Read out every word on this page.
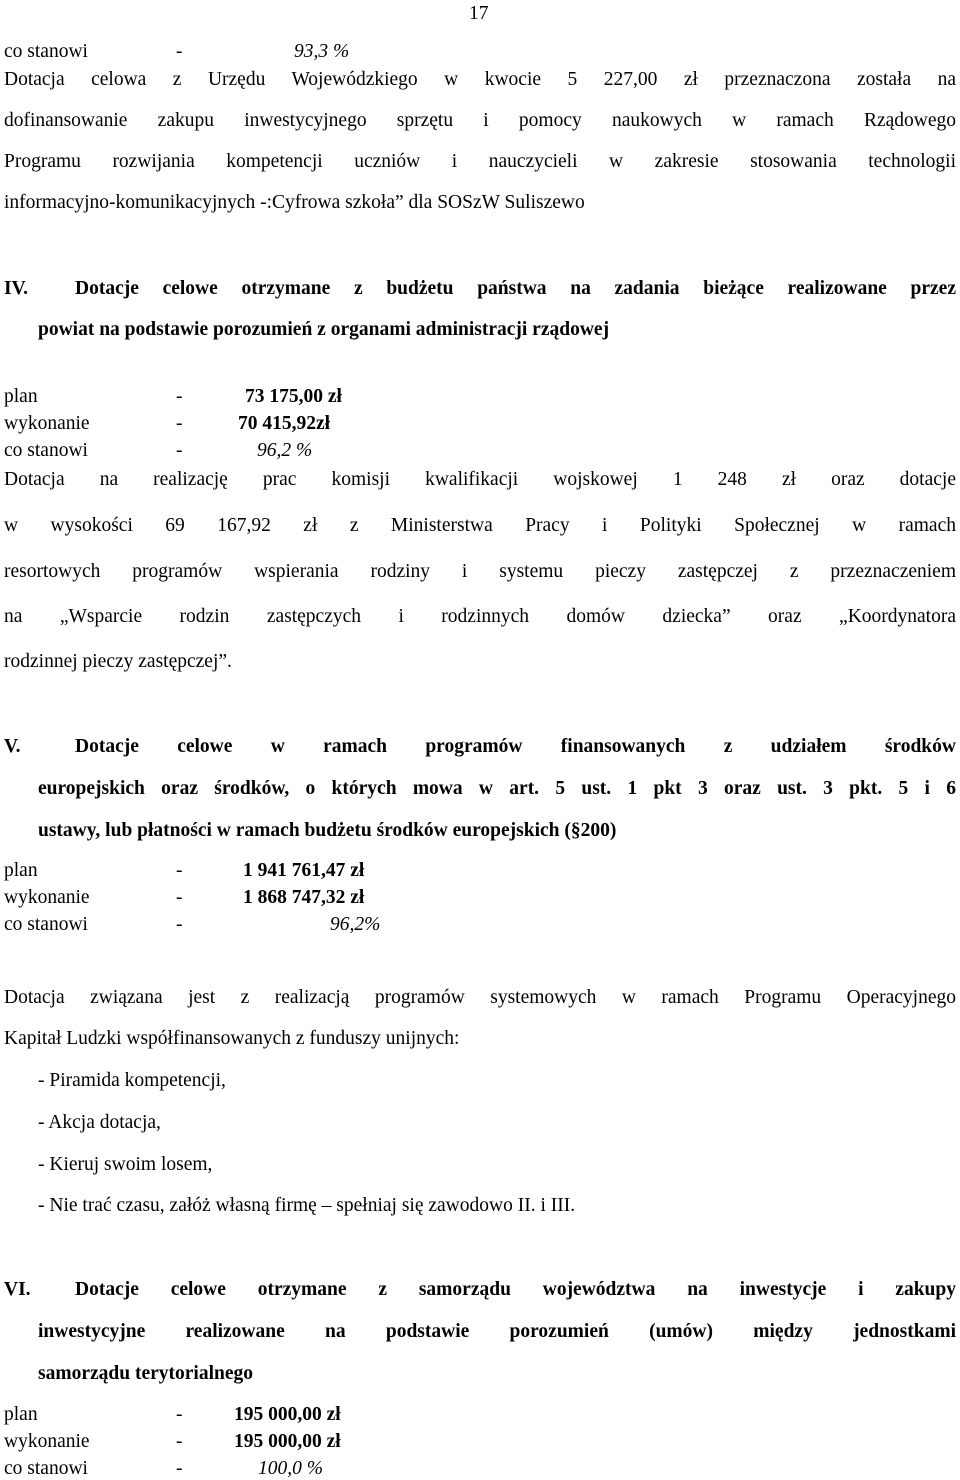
17
co stanowi	-	93,3 %
Dotacja celowa z Urzędu Wojewódzkiego w kwocie 5 227,00 zł przeznaczona została na
dofinansowanie zakupu inwestycyjnego sprzętu i pomocy naukowych w ramach Rządowego
Programu rozwijania kompetencji uczniów i nauczycieli w zakresie stosowania technologii
informacyjno-komunikacyjnych -:Cyfrowa szkoła” dla SOSzW Suliszewo
IV. Dotacje celowe otrzymane z budżetu państwa na zadania bieżące realizowane przez
powiat na podstawie porozumień z organami administracji rządowej
plan	-	73 175,00 zł
wykonanie	-	70 415,92zł
co stanowi	-	96,2 %
Dotacja na realizację prac komisji kwalifikacji wojskowej 1 248 zł oraz dotacje
w wysokości 69 167,92 zł z Ministerstwa Pracy i Polityki Społecznej w ramach
resortowych programów wspierania rodziny i systemu pieczy zastępczej z przeznaczeniem
na „Wsparcie rodzin zastępczych i rodzinnych domów dziecka” oraz „Koordynatora
rodzinnej pieczy zastępczej”.
V.	Dotacje celowe w ramach programów finansowanych z udziałem środków
europejskich oraz środków, o których mowa w art. 5 ust. 1 pkt 3 oraz ust. 3 pkt. 5 i 6
ustawy, lub płatności w ramach budżetu środków europejskich (§200)
plan	-	1 941 761,47 zł
wykonanie	-	1 868 747,32 zł
co stanowi	-	96,2%
Dotacja związana jest z realizacją programów systemowych w ramach Programu Operacyjnego
Kapitał Ludzki współfinansowanych z funduszy unijnych:
- Piramida kompetencji,
- Akcja dotacja,
- Kieruj swoim losem,
- Nie trać czasu, załóż własną firmę – spełniaj się zawodowo II. i III.
VI. Dotacje celowe otrzymane z samorządu województwa na inwestycje i zakupy
inwestycyjne realizowane na podstawie porozumień (umów) między jednostkami
samorządu terytorialnego
plan	-	195 000,00 zł
wykonanie	-	195 000,00 zł
co stanowi	-	100,0 %
